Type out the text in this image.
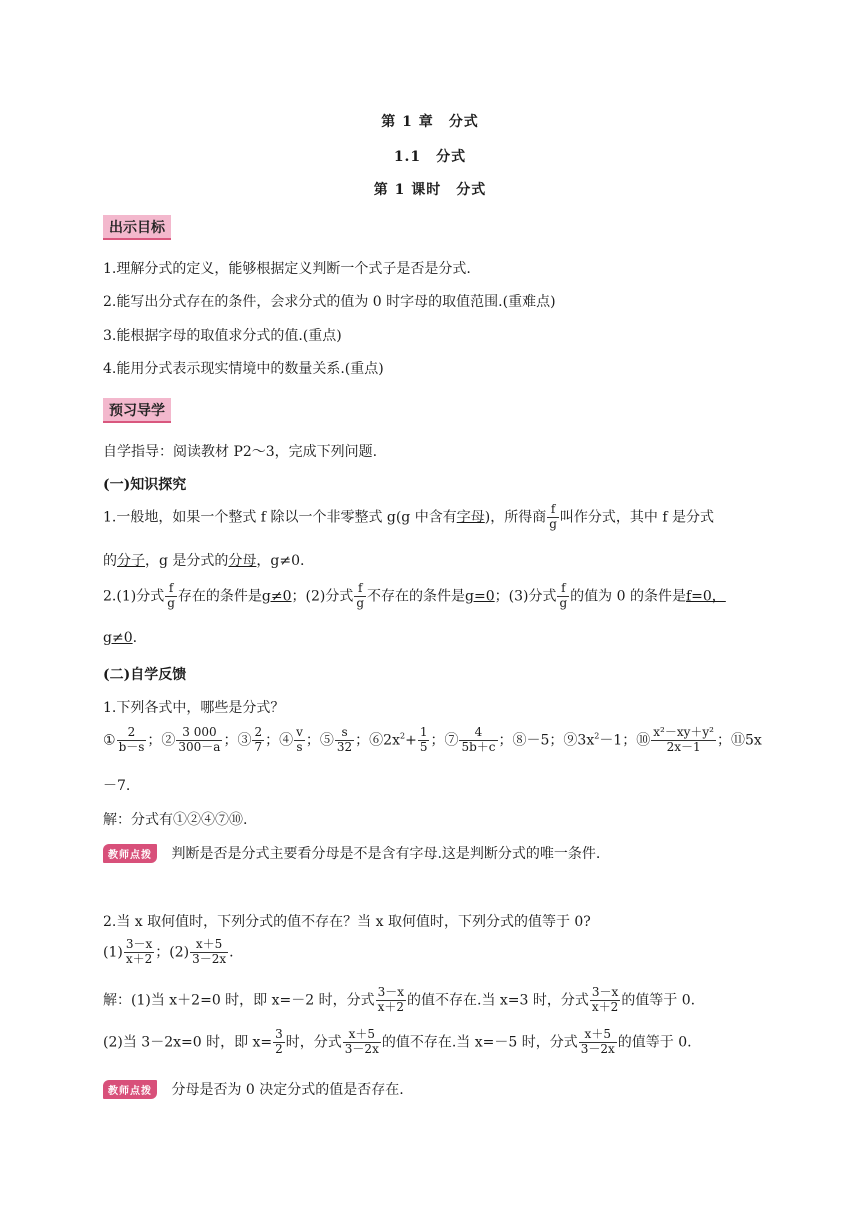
第 1 章　分式
1.1　分式
第 1 课时　分式
出示目标
1.理解分式的定义，能够根据定义判断一个式子是否是分式.
2.能写出分式存在的条件，会求分式的值为 0 时字母的取值范围.(重难点)
3.能根据字母的取值求分式的值.(重点)
4.能用分式表示现实情境中的数量关系.(重点)
预习导学
自学指导：阅读教材 P2～3，完成下列问题.
(一)知识探究
1.一般地，如果一个整式 f 除以一个非零整式 g(g 中含有字母)，所得商 $\frac{f}{g}$ 叫作分式，其中 f 是分式
的分子，g 是分式的分母，g≠0.
2.(1)分式 $\frac{f}{g}$ 存在的条件是g≠0；(2)分式 $\frac{f}{g}$ 不存在的条件是g=0；(3)分式 $\frac{f}{g}$ 的值为 0 的条件是f=0，
g≠0.
(二)自学反馈
1.下列各式中，哪些是分式？
① $\frac{2}{b-s}$ ；② $\frac{3 000}{300-a}$ ；③ $\frac{2}{7}$ ；④ $\frac{v}{s}$ ；⑤ $\frac{s}{32}$ ；$⑥2x^2+ \frac{1}{5}$ ；⑦ $\frac{4}{5b+c}$ ；⑧－5；$⑨3x^2-1$；⑩ $\frac{\text{x²－xy＋y²}}{2x-1}$ ；⑪5x
－7.
解：分式有①②④⑦⑩.
教师点拨 判断是否是分式主要看分母是不是含有字母.这是判断分式的唯一条件.
2.当 x 取何值时，下列分式的值不存在？当 x 取何值时，下列分式的值等于 0?
$(1) \frac{3-x}{x+2}$ ；$(2) \frac{x+5}{3-2x}$ .
解：(1)当 x＋2=0 时，即 x=－2 时，分式 $\frac{3-x}{x+2}$ 的值不存在.当 x=3 时，分式 $\frac{3-x}{x+2}$ 的值等于 0.
(2)当 3－2x=0 时，即 $x= \frac{3}{2}$ 时，分式 $\frac{x+5}{3-2x}$ 的值不存在.当 x=－5 时，分式 $\frac{x+5}{3-2x}$ 的值等于 0.
教师点拨 分母是否为 0 决定分式的值是否存在.
